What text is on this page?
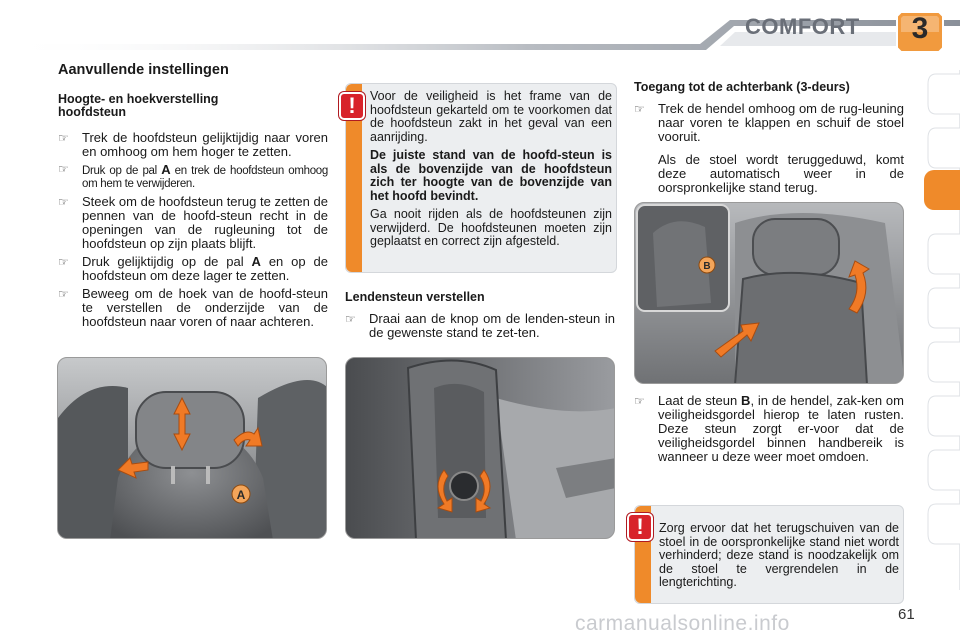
COMFORT 3
Aanvullende instellingen
Hoogte- en hoekverstelling hoofdsteun
☞	Trek de hoofdsteun gelijktijdig naar voren en omhoog om hem hoger te zetten.
☞	Druk op de pal A en trek de hoofdsteun omhoog om hem te verwijderen.
☞	Steek om de hoofdsteun terug te zetten de pennen van de hoofd-steun recht in de openingen van de rugleuning tot de hoofdsteun op zijn plaats blijft.
☞	Druk gelijktijdig op de pal A en op de hoofdsteun om deze lager te zetten.
☞	Beweeg om de hoek van de hoofd-steun te verstellen de onderzijde van de hoofdsteun naar voren of naar achteren.

Voor de veiligheid is het frame van de hoofdsteun gekarteld om te voorkomen dat de hoofdsteun zakt in het geval van een aanrijding.

De juiste stand van de hoofd-steun is als de bovenzijde van de hoofdsteun zich ter hoogte van de bovenzijde van het hoofd bevindt.

Ga nooit rijden als de hoofdsteunen zijn verwijderd. De hoofdsteunen moeten zijn geplaatst en correct zijn afgesteld.

!
Lendensteun verstellen
☞	Draai aan de knop om de lenden-steun in de gewenste stand te zet-ten.
Toegang tot de achterbank (3-deurs)
☞	Trek de hendel omhoog om de rug-leuning naar voren te klappen en schuif de stoel vooruit.
Als de stoel wordt teruggeduwd, komt deze automatisch weer in de oorspronkelijke stand terug.
☞	Laat de steun B, in de hendel, zak-ken om veiligheidsgordel hierop te laten rusten. Deze steun zorgt er-voor dat de veiligheidsgordel binnen handbereik is wanneer u deze weer moet omdoen.
Zorg ervoor dat het terugschuiven van de stoel in de oorspronkelijke stand niet wordt verhinderd; deze stand is noodzakelijk om de stoel te vergrendelen in de lengterichting.
!
A
B
61
carmanualsonline.info
